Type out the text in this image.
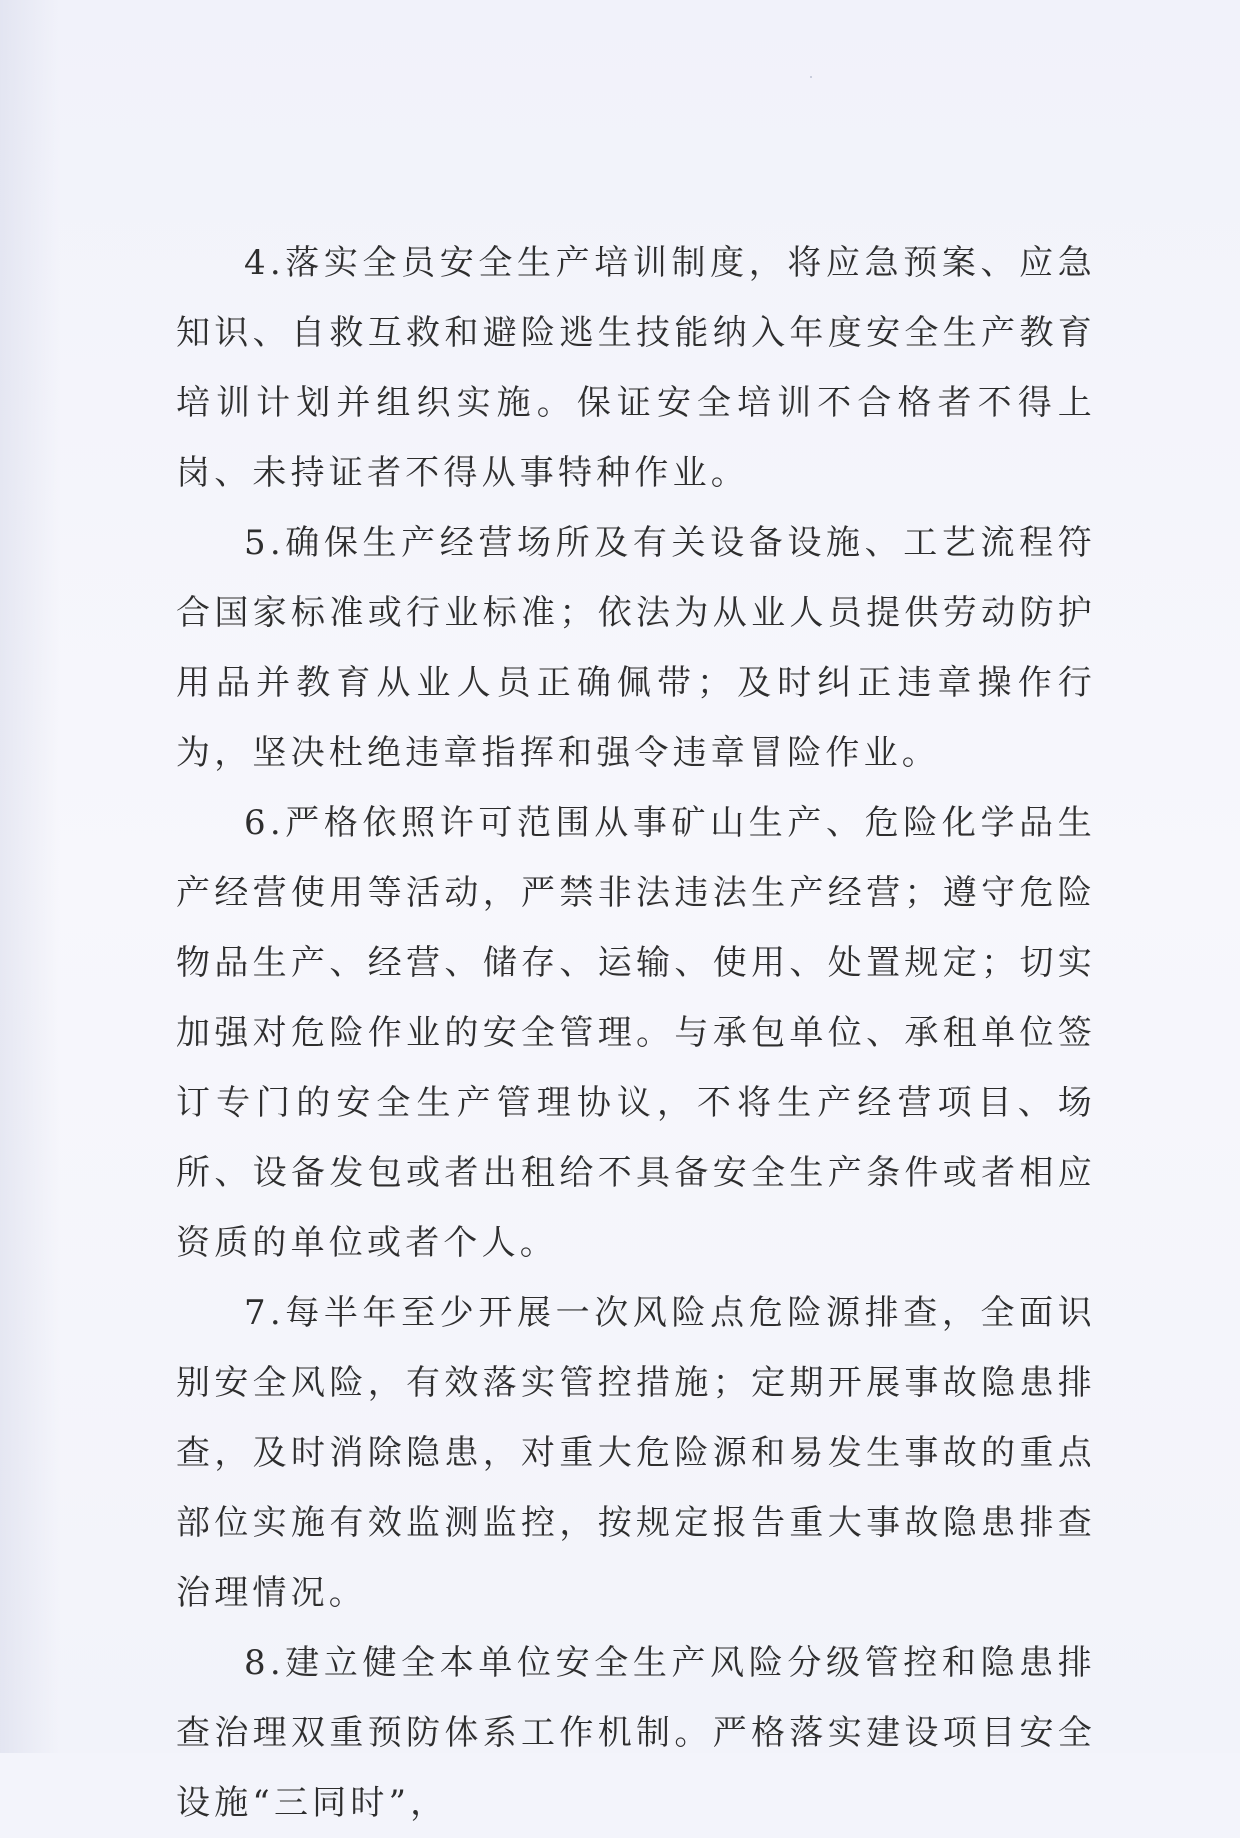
4.落实全员安全生产培训制度，将应急预案、应急知识、自救互救和避险逃生技能纳入年度安全生产教育培训计划并组织实施。保证安全培训不合格者不得上岗、未持证者不得从事特种作业。

5.确保生产经营场所及有关设备设施、工艺流程符合国家标准或行业标准；依法为从业人员提供劳动防护用品并教育从业人员正确佩带；及时纠正违章操作行为，坚决杜绝违章指挥和强令违章冒险作业。

6.严格依照许可范围从事矿山生产、危险化学品生产经营使用等活动，严禁非法违法生产经营；遵守危险物品生产、经营、储存、运输、使用、处置规定；切实加强对危险作业的安全管理。与承包单位、承租单位签订专门的安全生产管理协议，不将生产经营项目、场所、设备发包或者出租给不具备安全生产条件或者相应资质的单位或者个人。

7.每半年至少开展一次风险点危险源排查，全面识别安全风险，有效落实管控措施；定期开展事故隐患排查，及时消除隐患，对重大危险源和易发生事故的重点部位实施有效监测监控，按规定报告重大事故隐患排查治理情况。

8.建立健全本单位安全生产风险分级管控和隐患排查治理双重预防体系工作机制。严格落实建设项目安全设施“三同时”，
